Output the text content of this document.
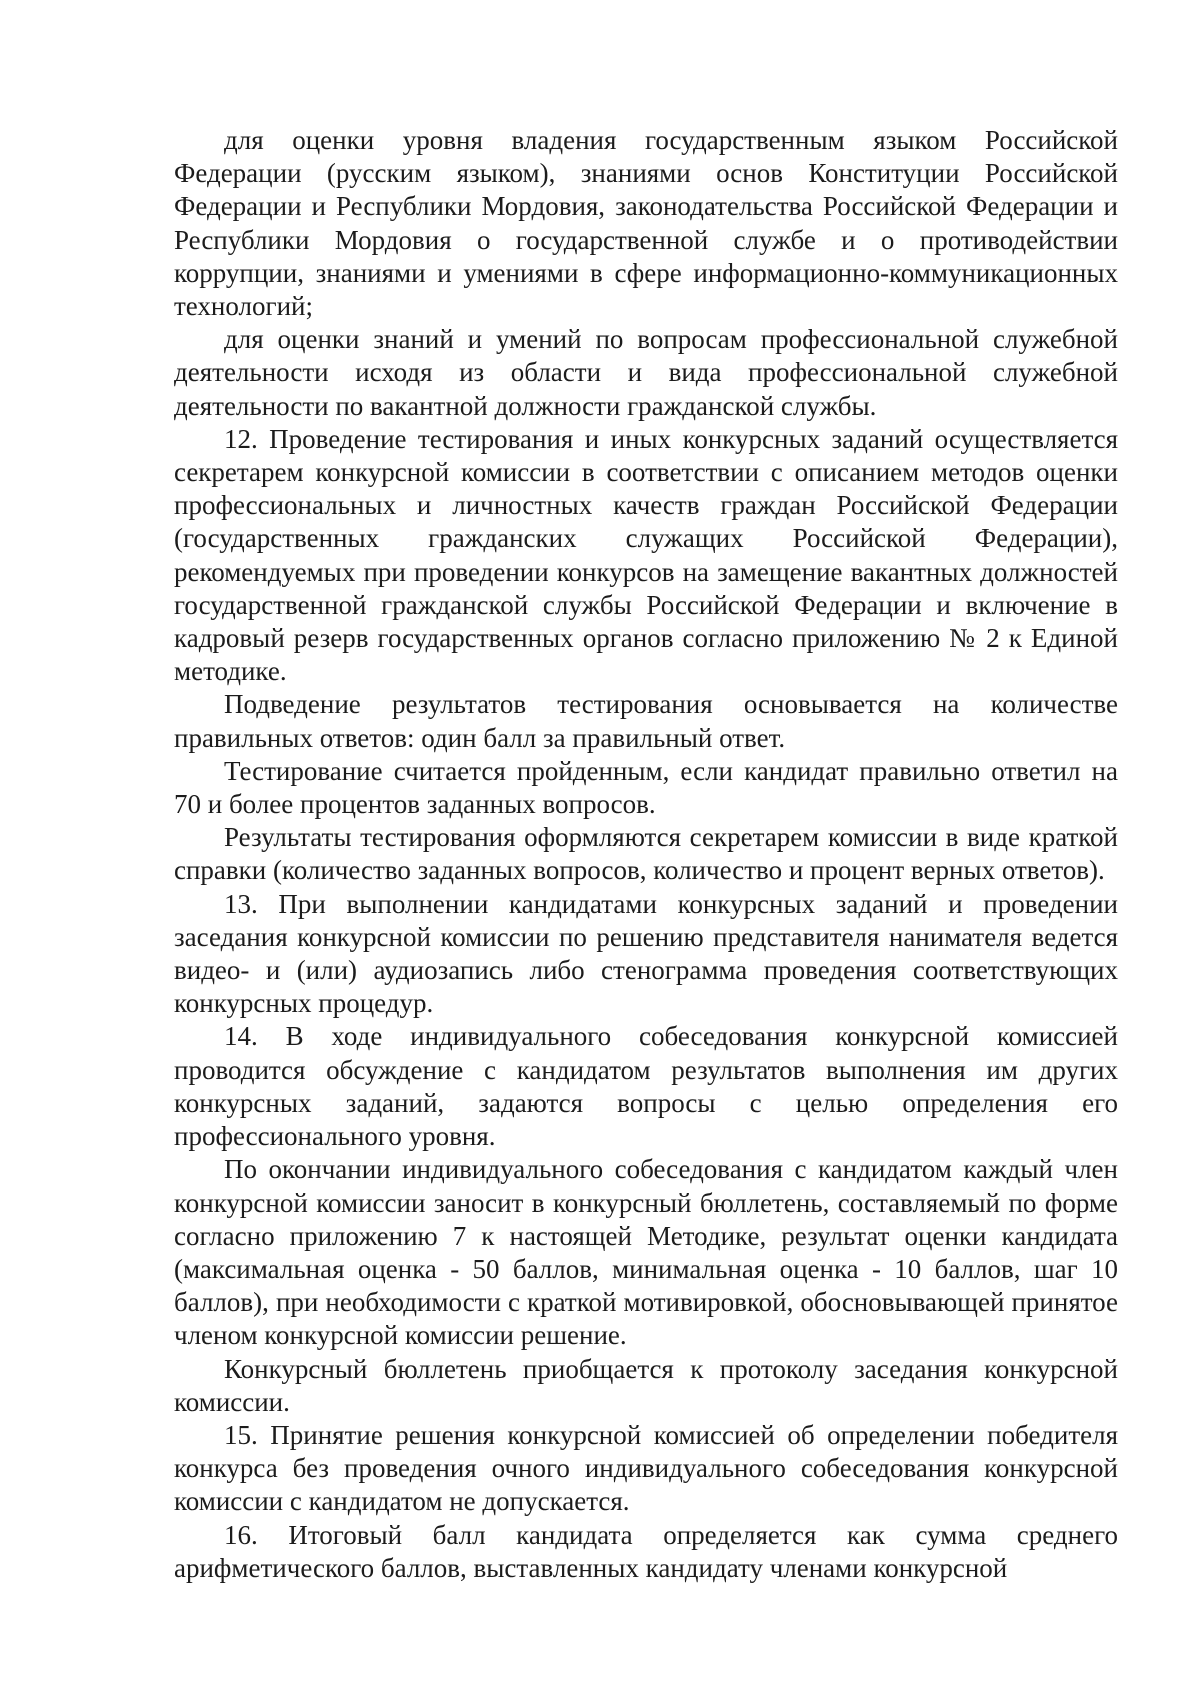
для оценки уровня владения государственным языком Российской Федерации (русским языком), знаниями основ Конституции Российской Федерации и Республики Мордовия, законодательства Российской Федерации и Республики Мордовия о государственной службе и о противодействии коррупции, знаниями и умениями в сфере информационно-коммуникационных технологий;

для оценки знаний и умений по вопросам профессиональной служебной деятельности исходя из области и вида профессиональной служебной деятельности по вакантной должности гражданской службы.

12. Проведение тестирования и иных конкурсных заданий осуществляется секретарем конкурсной комиссии в соответствии с описанием методов оценки профессиональных и личностных качеств граждан Российской Федерации (государственных гражданских служащих Российской Федерации), рекомендуемых при проведении конкурсов на замещение вакантных должностей государственной гражданской службы Российской Федерации и включение в кадровый резерв государственных органов согласно приложению № 2 к Единой методике.

Подведение результатов тестирования основывается на количестве правильных ответов: один балл за правильный ответ.

Тестирование считается пройденным, если кандидат правильно ответил на 70 и более процентов заданных вопросов.

Результаты тестирования оформляются секретарем комиссии в виде краткой справки (количество заданных вопросов, количество и процент верных ответов).

13. При выполнении кандидатами конкурсных заданий и проведении заседания конкурсной комиссии по решению представителя нанимателя ведется видео- и (или) аудиозапись либо стенограмма проведения соответствующих конкурсных процедур.

14. В ходе индивидуального собеседования конкурсной комиссией проводится обсуждение с кандидатом результатов выполнения им других конкурсных заданий, задаются вопросы с целью определения его профессионального уровня.

По окончании индивидуального собеседования с кандидатом каждый член конкурсной комиссии заносит в конкурсный бюллетень, составляемый по форме согласно приложению 7 к настоящей Методике, результат оценки кандидата (максимальная оценка - 50 баллов, минимальная оценка - 10 баллов, шаг 10 баллов), при необходимости с краткой мотивировкой, обосновывающей принятое членом конкурсной комиссии решение.

Конкурсный бюллетень приобщается к протоколу заседания конкурсной комиссии.

15. Принятие решения конкурсной комиссией об определении победителя конкурса без проведения очного индивидуального собеседования конкурсной комиссии с кандидатом не допускается.

16. Итоговый балл кандидата определяется как сумма среднего арифметического баллов, выставленных кандидату членами конкурсной
